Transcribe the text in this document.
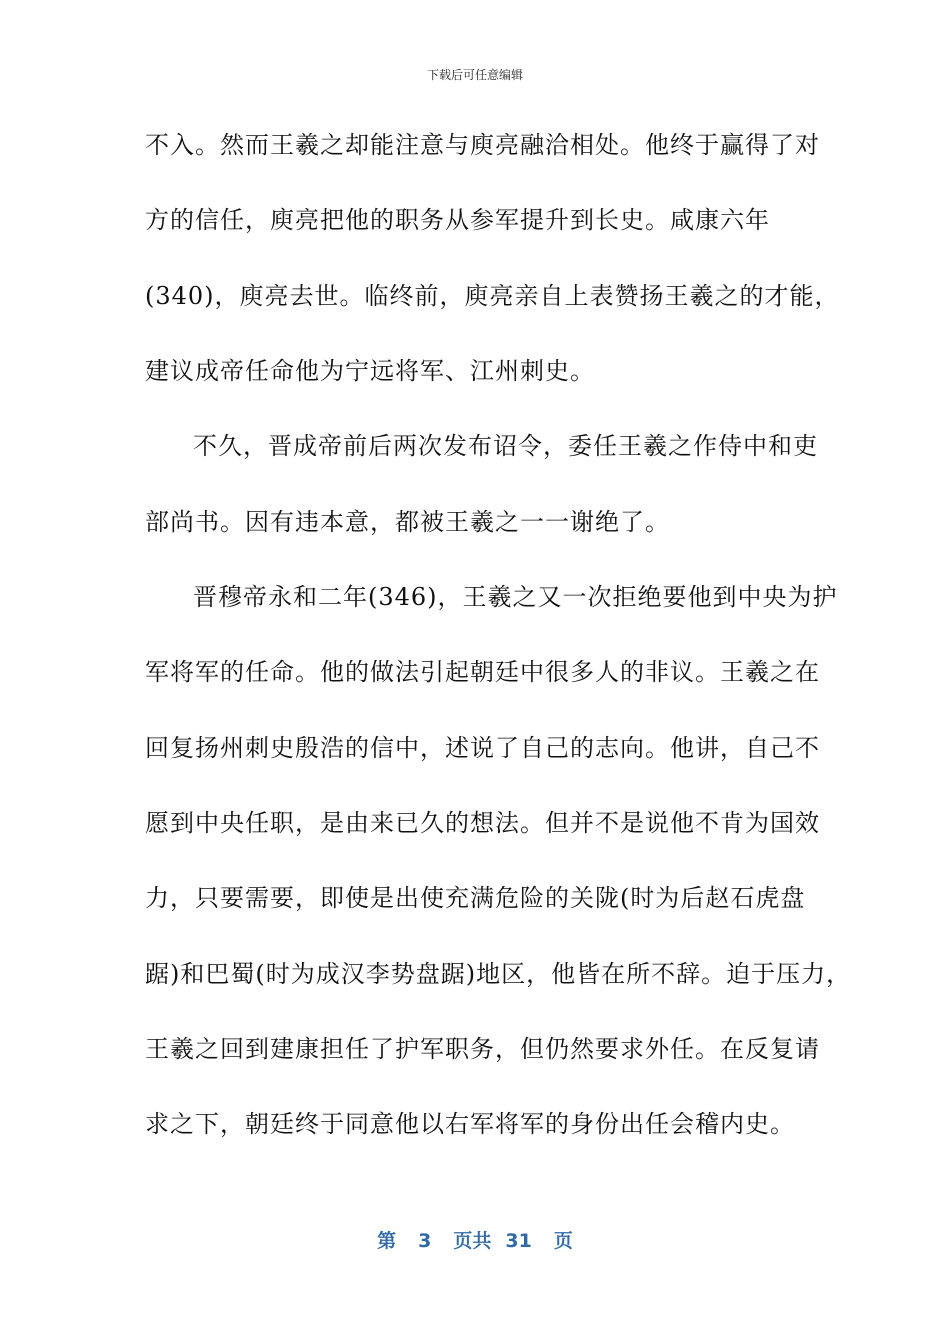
下载后可任意编辑
不入。然而王羲之却能注意与庾亮融洽相处。他终于赢得了对
方的信任，庾亮把他的职务从参军提升到长史。咸康六年
(340)，庾亮去世。临终前，庾亮亲自上表赞扬王羲之的才能，
建议成帝任命他为宁远将军、江州刺史。
不久，晋成帝前后两次发布诏令，委任王羲之作侍中和吏
部尚书。因有违本意，都被王羲之一一谢绝了。
晋穆帝永和二年(346)，王羲之又一次拒绝要他到中央为护
军将军的任命。他的做法引起朝廷中很多人的非议。王羲之在
回复扬州刺史殷浩的信中，述说了自己的志向。他讲，自己不
愿到中央任职，是由来已久的想法。但并不是说他不肯为国效
力，只要需要，即使是出使充满危险的关陇(时为后赵石虎盘
踞)和巴蜀(时为成汉李势盘踞)地区，他皆在所不辞。迫于压力，
王羲之回到建康担任了护军职务，但仍然要求外任。在反复请
求之下，朝廷终于同意他以右军将军的身份出任会稽内史。
第 3 页共 31 页
